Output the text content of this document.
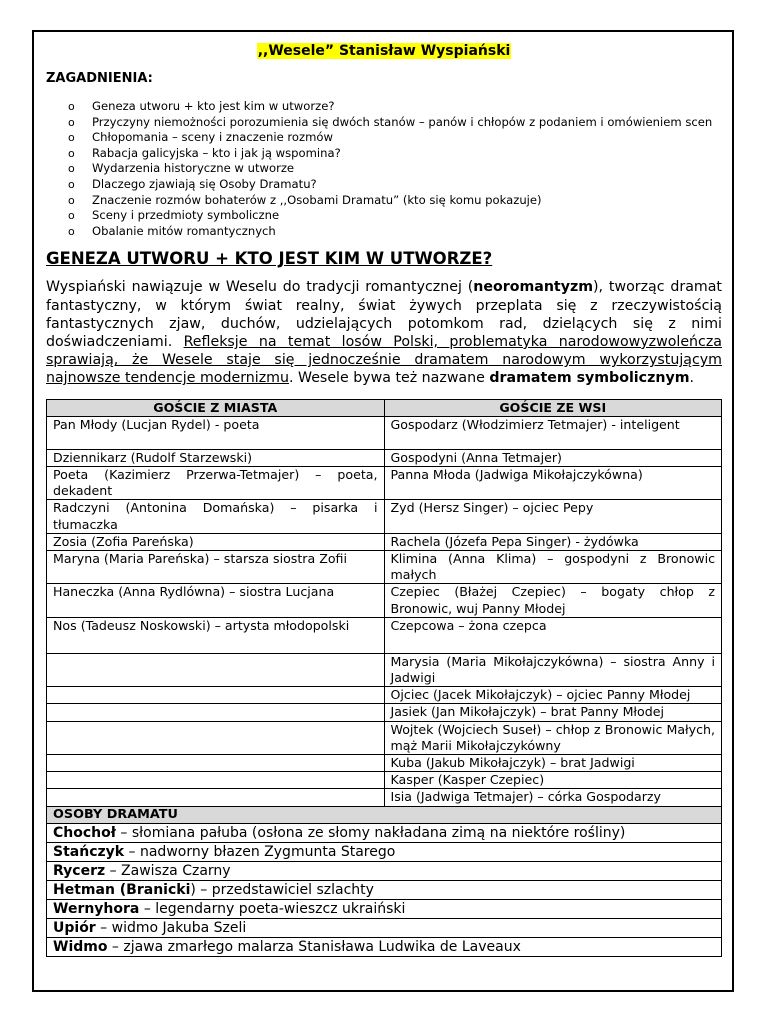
,,Wesele” Stanisław Wyspiański
ZAGADNIENIA:
o Geneza utworu + kto jest kim w utworze?
o Przyczyny niemożności porozumienia się dwóch stanów – panów i chłopów z podaniem i omówieniem scen
o Chłopomania – sceny i znaczenie rozmów
o Rabacja galicyjska – kto i jak ją wspomina?
o Wydarzenia historyczne w utworze
o Dlaczego zjawiają się Osoby Dramatu?
o Znaczenie rozmów bohaterów z ,,Osobami Dramatu” (kto się komu pokazuje)
o Sceny i przedmioty symboliczne
o Obalanie mitów romantycznych
GENEZA UTWORU + KTO JEST KIM W UTWORZE?

Wyspiański nawiązuje w Weselu do tradycji romantycznej (neoromantyzm), tworząc dramat fantastyczny, w którym świat realny, świat żywych przeplata się z rzeczywistością fantastycznych zjaw, duchów, udzielających potomkom rad, dzielących się z nimi doświadczeniami. Refleksje na temat losów Polski, problematyka narodowowyzwoleńcza sprawiają, że Wesele staje się jednocześnie dramatem narodowym wykorzystującym najnowsze tendencje modernizmu. Wesele bywa też nazwane dramatem symbolicznym.

GOŚCIE Z MIASTA	GOŚCIE ZE WSI
Pan Młody (Lucjan Rydel) - poeta	Gospodarz (Włodzimierz Tetmajer) - inteligent
Dziennikarz (Rudolf Starzewski)	Gospodyni (Anna Tetmajer)
Poeta (Kazimierz Przerwa-Tetmajer) – poeta, dekadent	Panna Młoda (Jadwiga Mikołajczykówna)
Radczyni (Antonina Domańska) – pisarka i tłumaczka	Zyd (Hersz Singer) – ojciec Pepy
Zosia (Zofia Pareńska)	Rachela (Józefa Pepa Singer) - żydówka
Maryna (Maria Pareńska) – starsza siostra Zofii	Klimina (Anna Klima) – gospodyni z Bronowic małych
Haneczka (Anna Rydlówna) – siostra Lucjana	Czepiec (Błażej Czepiec) – bogaty chłop z Bronowic, wuj Panny Młodej
Nos (Tadeusz Noskowski) – artysta młodopolski	Czepcowa – żona czepca
	Marysia (Maria Mikołajczykówna) – siostra Anny i Jadwigi
	Ojciec (Jacek Mikołajczyk) – ojciec Panny Młodej
	Jasiek (Jan Mikołajczyk) – brat Panny Młodej
	Wojtek (Wojciech Suseł) – chłop z Bronowic Małych, mąż Marii Mikołajczykówny
	Kuba (Jakub Mikołajczyk) – brat Jadwigi
	Kasper (Kasper Czepiec)
	Isia (Jadwiga Tetmajer) – córka Gospodarzy
OSOBY DRAMATU	
Chochoł – słomiana pałuba (osłona ze słomy nakładana zimą na niektóre rośliny)	
Stańczyk – nadworny błazen Zygmunta Starego	
Rycerz – Zawisza Czarny	
Hetman (Branicki) – przedstawiciel szlachty	
Wernyhora – legendarny poeta-wieszcz ukraiński	
Upiór – widmo Jakuba Szeli	
Widmo – zjawa zmarłego malarza Stanisława Ludwika de Laveaux	
